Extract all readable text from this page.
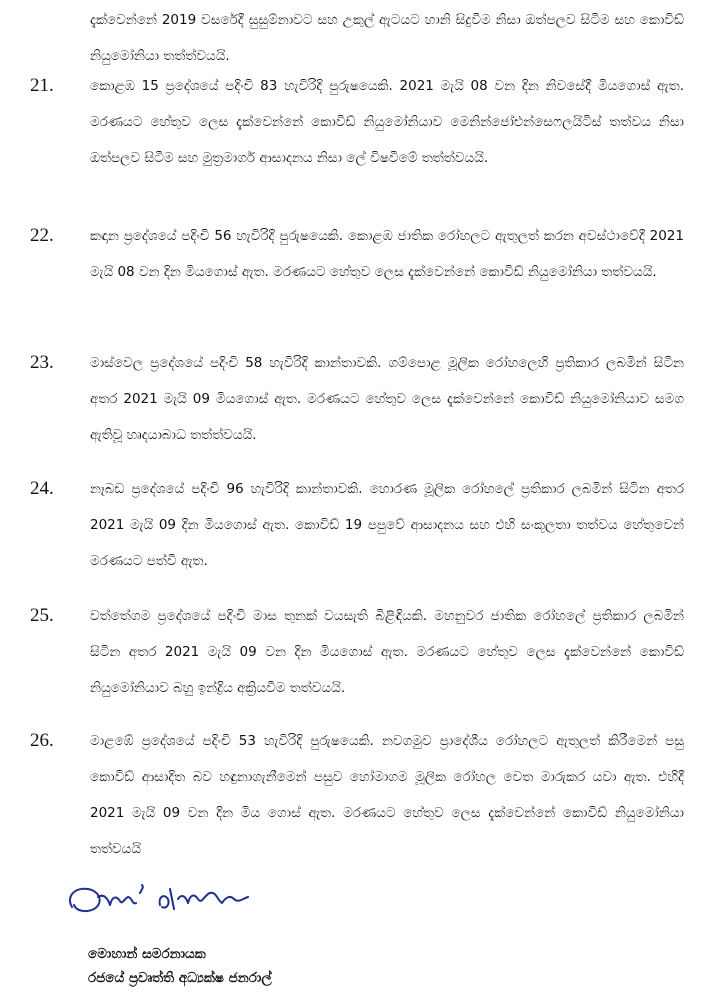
දැක්වෙන්නේ 2019 වසරේදී සුසුම්නාවට සහ උකුල් ඇටයට හානි සිදුවීම නිසා ඔත්පලව සිටීම සහ කොවිඩ් නියුමෝනියා තත්ත්වයයි.
21.	කොළඹ 15 ප්‍රදේශයේ පදිංචි 83 හැවිරිදි පුරුෂයෙකි. 2021 මැයි 08 වන දින නිවසේදී මියගොස් ඇත. මරණයට හේතුව ලෙස දැක්වෙන්නේ කොවිඩ් නියුමෝනියාව මෙනින්ජෝඑන්සෙෆලයිටිස් තත්වය නිසා ඔත්පලව සිටීම සහ මුත්‍රමාර්ග ආසාදනය නිසා ලේ විෂවීමේ තත්ත්වයයි.
22.	කඳාන ප්‍රදේශයේ පදිංචි 56 හැවිරිදි පුරුෂයෙකි. කොළඹ ජාතික රෝහලට ඇතුලත් කරන අවස්ථාවේදී 2021 මැයි 08 වන දින මියගොස් ඇත. මරණයට හේතුව ලෙස දැක්වෙන්නේ කොවිඩ් නියුමෝනියා තත්වයයි.
23.	මාස්වෙල ප්‍රදේශයේ පදිංචි 58 හැවිරිදි කාන්තාවකි. ගම්පොළ මූලික රෝහලෙහි ප්‍රතිකාර ලබමින් සිටින අතර 2021 මැයි 09 මියගොස් ඇත. මරණයට හේතුව ලෙස දැක්වෙන්නේ කොවිඩ් නියුමෝනියාව සමග ඇතිවූ හෘදයාබාධ තත්ත්වයයි.
24.	නෑබඩ ප්‍රදේශයේ පදිංචි 96 හැවිරිදි කාන්තාවකි. හොරණ මූලික රෝහලේ ප්‍රතිකාර ලබමින් සිටින අතර 2021 මැයි 09 දින මියගොස් ඇත. කොවිඩ් 19 පපුවේ ආසාදනය සහ එහි සංකූලතා තත්වය හේතුවෙන් මරණයට පත්වී ඇත.
25.	වත්තේගම ප්‍රදේශයේ පදිංචි මාස තුනක් වයසැති බිළිඳියකි. මහනුවර ජාතික රෝහලේ ප්‍රතිකාර ලබමින් සිටින අතර 2021 මැයි 09 වන දින මියගොස් ඇත. මරණයට හේතුව ලෙස දැක්වෙන්නේ කොවිඩ් නියුමෝනියාව බහු ඉන්ද්‍රිය අක්‍රියවීම තත්වයයි.
26.	මාළඹේ ප්‍රදේශයේ පදිංචි 53 හැවිරිදි පුරුෂයෙකි. නවගමුව ප්‍රාදේශීය රෝහලට ඇතුලත් කිරීමෙන් පසු කොවිඩ් ආසාදිත බව හඳුනාගැනීමෙන් පසුව හෝමාගම මූලික රෝහල වෙත මාරුකර යවා ඇත. එහිදී 2021 මැයි 09 වන දින මිය ගොස් ඇත. මරණයට හේතුව ලෙස දැක්වෙන්නේ කොවිඩ් නියුමෝනියා තත්වයයි
මොහාන් සමරනායක
රජයේ ප්‍රවෘත්ති අධ්‍යක්ෂ ජනරාල්
